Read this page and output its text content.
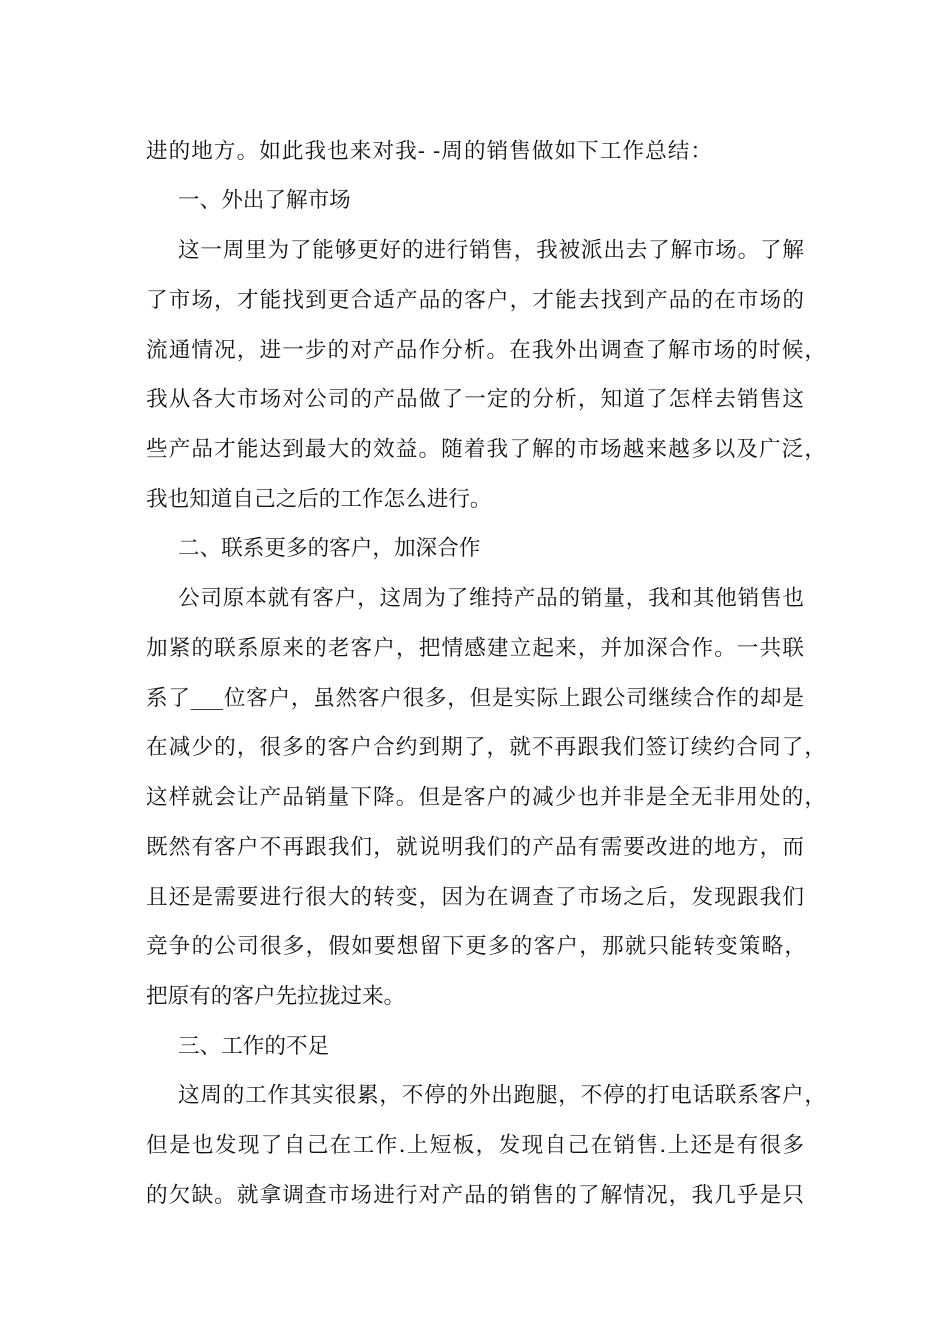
进的地方。如此我也来对我- -周的销售做如下工作总结：
一、外出了解市场
这一周里为了能够更好的进行销售，我被派出去了解市场。了解
了市场，才能找到更合适产品的客户，才能去找到产品的在市场的
流通情况，进一步的对产品作分析。在我外出调查了解市场的时候，
我从各大市场对公司的产品做了一定的分析，知道了怎样去销售这
些产品才能达到最大的效益。随着我了解的市场越来越多以及广泛，
我也知道自己之后的工作怎么进行。
二、联系更多的客户，加深合作
公司原本就有客户，这周为了维持产品的销量，我和其他销售也
加紧的联系原来的老客户，把情感建立起来，并加深合作。一共联
系了___位客户，虽然客户很多，但是实际上跟公司继续合作的却是
在减少的，很多的客户合约到期了，就不再跟我们签订续约合同了，
这样就会让产品销量下降。但是客户的减少也并非是全无非用处的，
既然有客户不再跟我们，就说明我们的产品有需要改进的地方，而
且还是需要进行很大的转变，因为在调查了市场之后，发现跟我们
竞争的公司很多，假如要想留下更多的客户，那就只能转变策略，
把原有的客户先拉拢过来。
三、工作的不足
这周的工作其实很累，不停的外出跑腿，不停的打电话联系客户，
但是也发现了自己在工作.上短板，发现自己在销售.上还是有很多
的欠缺。就拿调查市场进行对产品的销售的了解情况，我几乎是只
